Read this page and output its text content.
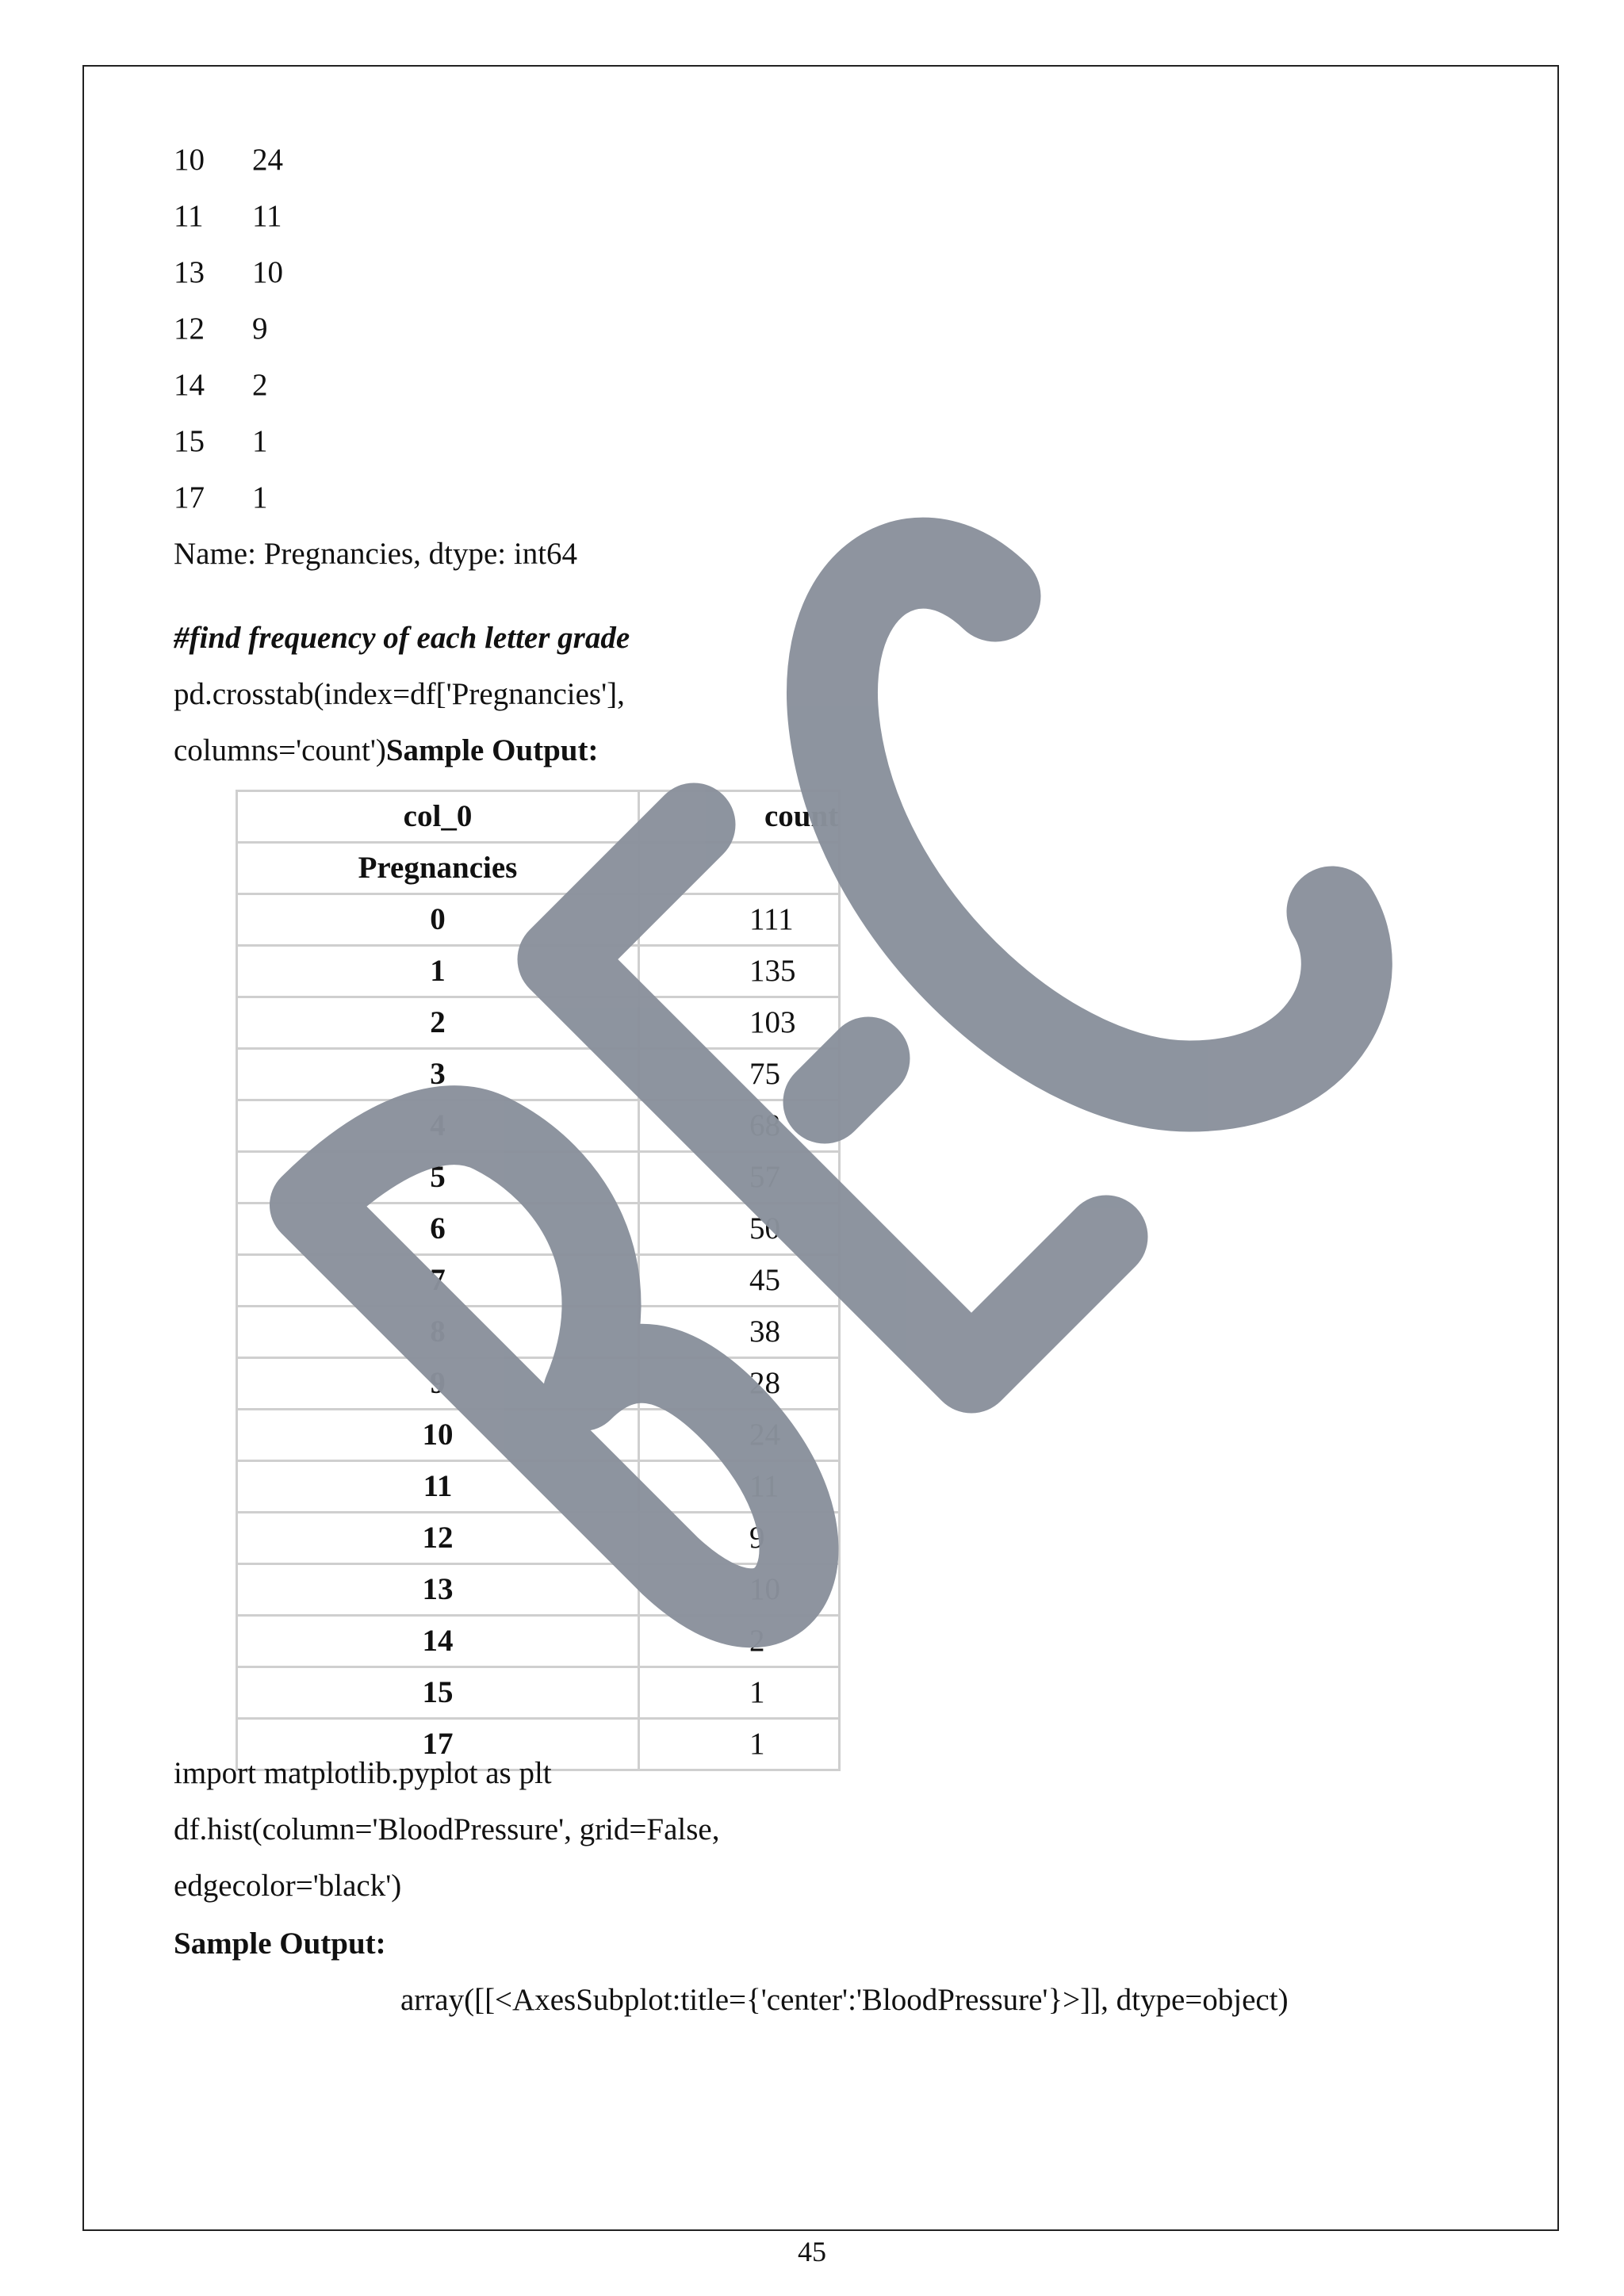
10 24
11 11
13 10
12 9
14 2
15 1
17 1
Name: Pregnancies, dtype: int64
#find frequency of each letter grade
pd.crosstab(index=df['Pregnancies'],
columns='count')Sample Output:
col_0	count
Pregnancies	
0	111
1	135
2	103
3	75
4	68
5	57
6	50
7	45
8	38
9	28
10	24
11	11
12	9
13	10
14	2
15	1
17	1
import matplotlib.pyplot as plt
df.hist(column='BloodPressure', grid=False,
edgecolor='black')
Sample Output:
array([[<AxesSubplot:title={'center':'BloodPressure'}>]], dtype=object)
45
